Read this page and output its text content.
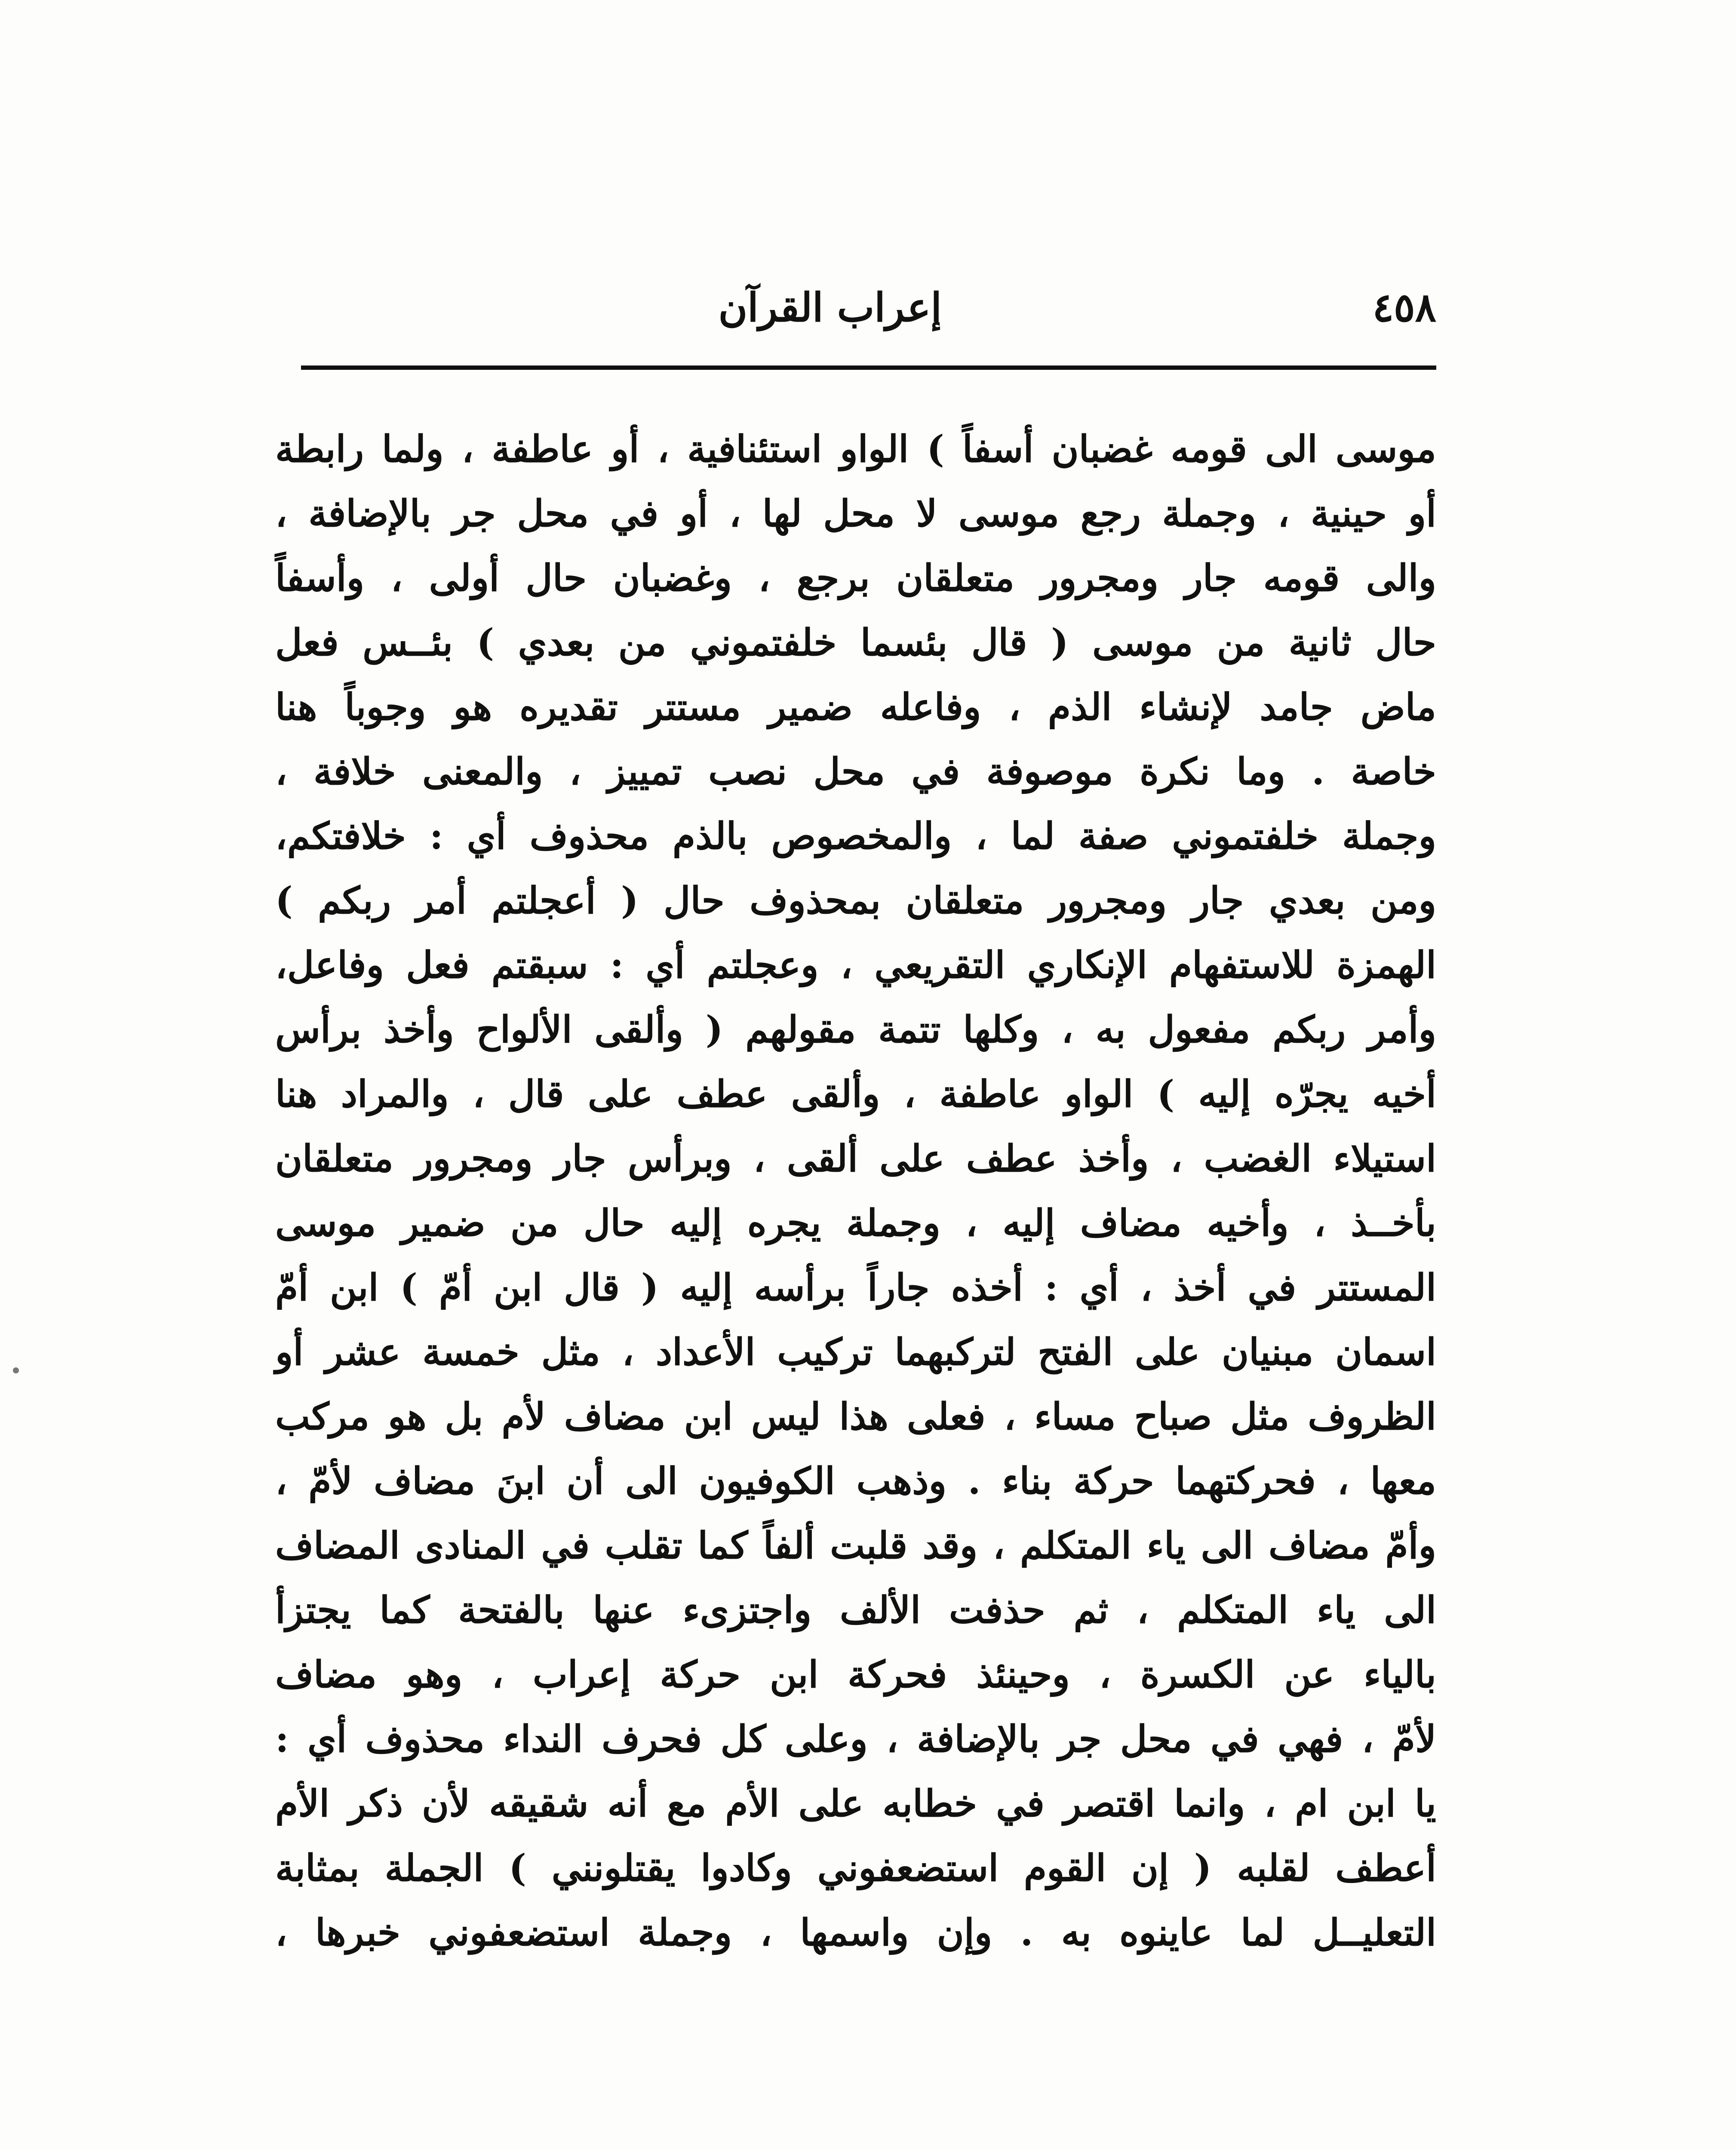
٤٥٨
إعراب القرآن
موسى الى قومه غضبان أسفاً ) الواو استئنافية ، أو عاطفة ، ولما رابطة
أو حينية ، وجملة رجع موسى لا محل لها ، أو في محل جر بالإضافة ،
والى قومه جار ومجرور متعلقان برجع ، وغضبان حال أولى ، وأسفاً
حال ثانية من موسى ( قال بئسما خلفتموني من بعدي ) بئــس فعل
ماض جامد لإنشاء الذم ، وفاعله ضمير مستتر تقديره هو وجوباً هنا
خاصة . وما نكرة موصوفة في محل نصب تمييز ، والمعنى خلافة ،
وجملة خلفتموني صفة لما ، والمخصوص بالذم محذوف أي : خلافتكم،
ومن بعدي جار ومجرور متعلقان بمحذوف حال ( أعجلتم أمر ربكم )
الهمزة للاستفهام الإنكاري التقريعي ، وعجلتم أي : سبقتم فعل وفاعل،
وأمر ربكم مفعول به ، وكلها تتمة مقولهم ( وألقى الألواح وأخذ برأس
أخيه يجرّه إليه ) الواو عاطفة ، وألقى عطف على قال ، والمراد هنا
استيلاء الغضب ، وأخذ عطف على ألقى ، وبرأس جار ومجرور متعلقان
بأخــذ ، وأخيه مضاف إليه ، وجملة يجره إليه حال من ضمير موسى
المستتر في أخذ ، أي : أخذه جاراً برأسه إليه ( قال ابن أمّ ) ابن أمّ
اسمان مبنيان على الفتح لتركبهما تركيب الأعداد ، مثل خمسة عشر أو
الظروف مثل صباح مساء ، فعلى هذا ليس ابن مضاف لأم بل هو مركب
معها ، فحركتهما حركة بناء . وذهب الكوفيون الى أن ابنَ مضاف لأمّ ،
وأمّ مضاف الى ياء المتكلم ، وقد قلبت ألفاً كما تقلب في المنادى المضاف
الى ياء المتكلم ، ثم حذفت الألف واجتزىء عنها بالفتحة كما يجتزأ
بالياء عن الكسرة ، وحينئذ فحركة ابن حركة إعراب ، وهو مضاف
لأمّ ، فهي في محل جر بالإضافة ، وعلى كل فحرف النداء محذوف أي :
يا ابن ام ، وانما اقتصر في خطابه على الأم مع أنه شقيقه لأن ذكر الأم
أعطف لقلبه ( إن القوم استضعفوني وكادوا يقتلونني ) الجملة بمثابة
التعليــل لما عاينوه به . وإن واسمها ، وجملة استضعفوني خبرها ،
